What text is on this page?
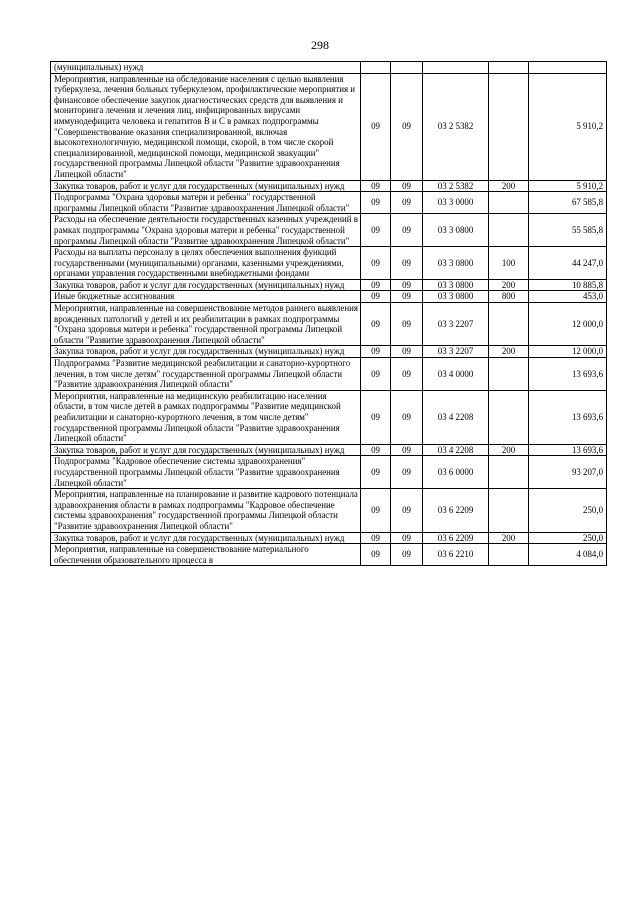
298
(муниципальных) нужд					
Мероприятия, направленные на обследование населения с целью выявления туберкулеза, лечения больных туберкулезом, профилактические мероприятия и финансовое обеспечение закупок диагностических средств для выявления и мониторинга лечения и лечения лиц, инфицированных вирусами иммунодефицита человека и гепатитов В и С в рамках подпрограммы "Совершенствование оказания специализированной, включая высокотехнологичную, медицинской помощи, скорой, в том числе скорой специализированной, медицинской помощи, медицинской эвакуации" государственной программы Липецкой области "Развитие здравоохранения Липецкой области"	09	09	03 2 5382		5 910,2
Закупка товаров, работ и услуг для государственных (муниципальных) нужд	09	09	03 2 5382	200	5 910,2
Подпрограмма "Охрана здоровья матери и ребенка" государственной программы Липецкой области "Развитие здравоохранения Липецкой области"	09	09	03 3 0000		67 585,8
Расходы на обеспечение деятельности государственных казенных учреждений в рамках подпрограммы "Охрана здоровья матери и ребенка" государственной программы Липецкой области "Развитие здравоохранения Липецкой области"	09	09	03 3 0800		55 585,8
Расходы на выплаты персоналу в целях обеспечения выполнения функций государственными (муниципальными) органами, казенными учреждениями, органами управления государственными внебюджетными фондами	09	09	03 3 0800	100	44 247,0
Закупка товаров, работ и услуг для государственных (муниципальных) нужд	09	09	03 3 0800	200	10 885,8
Иные бюджетные ассигнования	09	09	03 3 0800	800	453,0
Мероприятия, направленные на совершенствование методов раннего выявления врожденных патологий у детей и их реабилитации в рамках подпрограммы "Охрана здоровья матери и ребенка" государственной программы Липецкой области "Развитие здравоохранения Липецкой области"	09	09	03 3 2207		12 000,0
Закупка товаров, работ и услуг для государственных (муниципальных) нужд	09	09	03 3 2207	200	12 000,0
Подпрограмма "Развитие медицинской реабилитации и санаторно-курортного лечения, в том числе детям" государственной программы Липецкой области "Развитие здравоохранения Липецкой области"	09	09	03 4 0000		13 693,6
Мероприятия, направленные на медицинскую реабилитацию населения области, в том числе детей в рамках подпрограммы "Развитие медицинской реабилитации и санаторно-курортного лечения, в том числе детям" государственной программы Липецкой области "Развитие здравоохранения Липецкой области"	09	09	03 4 2208		13 693,6
Закупка товаров, работ и услуг для государственных (муниципальных) нужд	09	09	03 4 2208	200	13 693,6
Подпрограмма "Кадровое обеспечение системы здравоохранения" государственной программы Липецкой области "Развитие здравоохранения Липецкой области"	09	09	03 6 0000		93 207,0
Мероприятия, направленные на планирование и развитие кадрового потенциала здравоохранения области в рамках подпрограммы "Кадровое обеспечение системы здравоохранения" государственной программы Липецкой области "Развитие здравоохранения Липецкой области"	09	09	03 6 2209		250,0
Закупка товаров, работ и услуг для государственных (муниципальных) нужд	09	09	03 6 2209	200	250,0
Мероприятия, направленные на совершенствование материального обеспечения образовательного процесса в	09	09	03 6 2210		4 084,0
